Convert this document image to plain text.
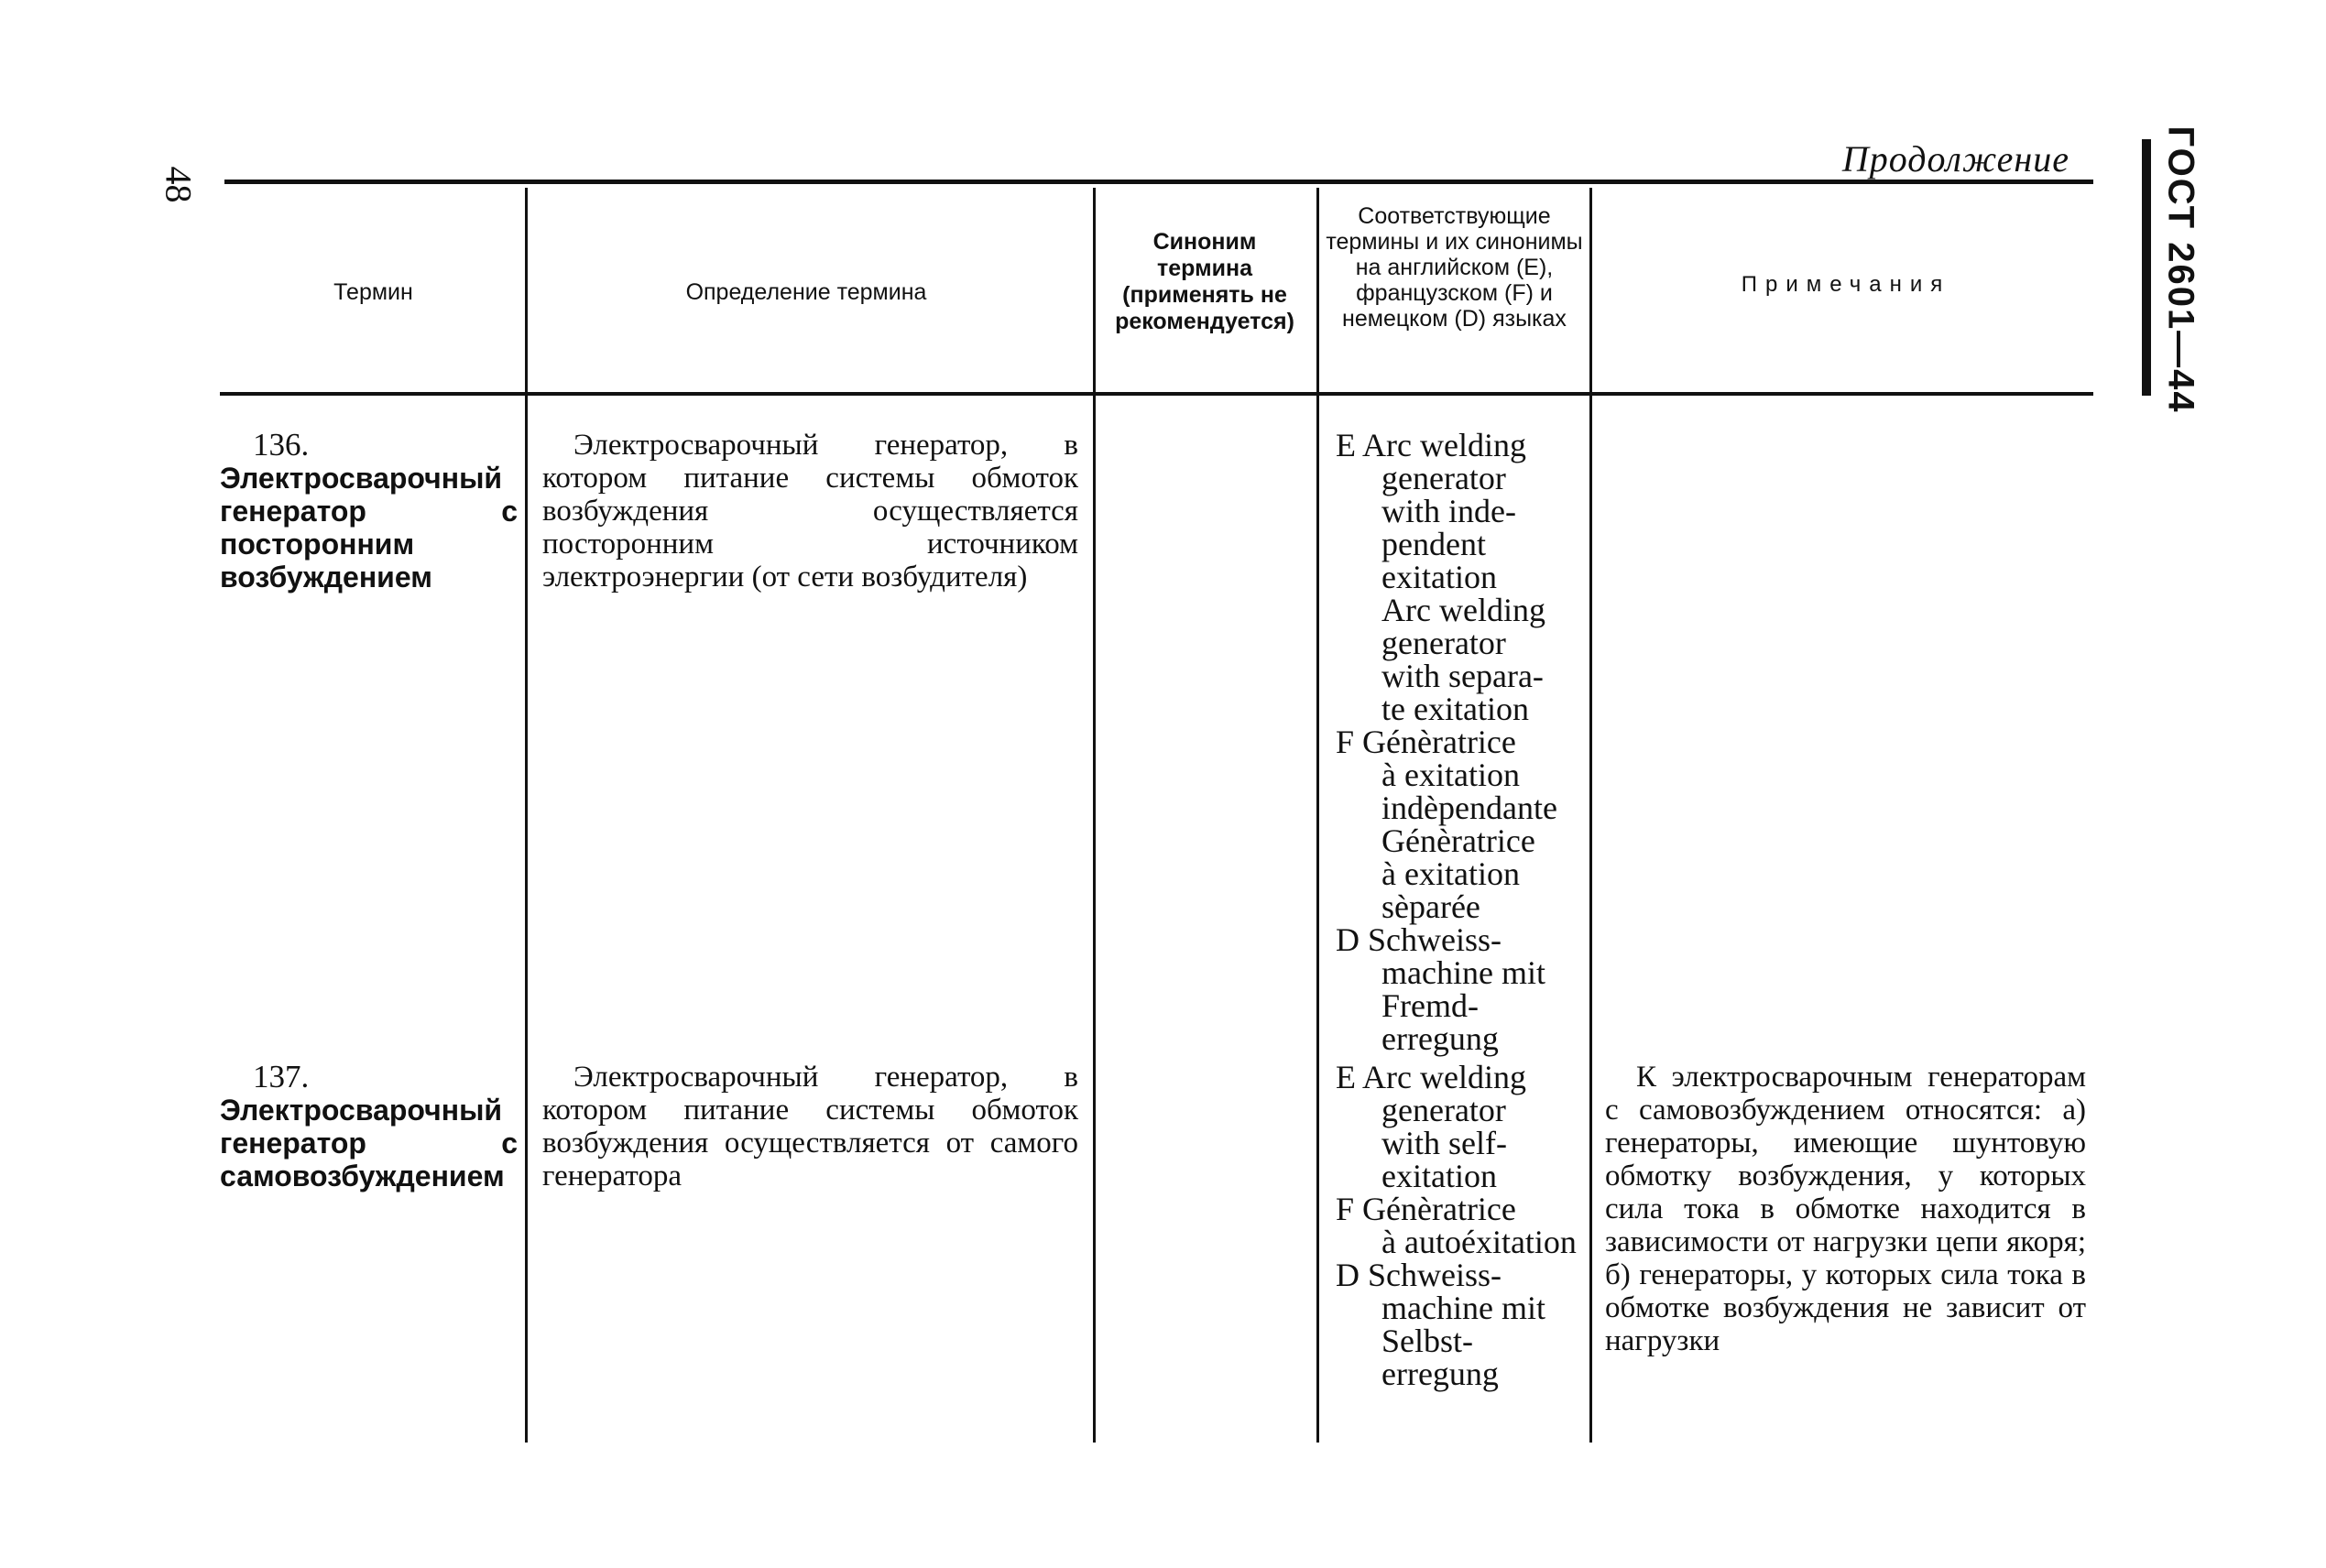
48
Продолжение ГОСТ 2601—44
Термин	Определение термина
Синоним термина (применять не рекомендуется)
Соответствующие термины и их синонимы на английском (Е), французском (F) и немецком (D) языках
Примечания
136. Электросварочный генератор с посторонним возбуждением
Электросварочный генератор, в котором питание системы обмоток возбуждения осуществляется посторонним источником электроэнергии (от сети возбудителя)
E Arc welding
generator
with inde-
pendent
exitation
Arc welding
generator
with separa-
te exitation
F Génèratrice
à exitation
indèpendante
Génèratrice
à exitation
sèparée
D Schweiss-
machine mit
Fremd-
erregung
137. Электросварочный генератор с самовозбуждением
Электросварочный генератор, в котором питание системы обмоток возбуждения осуществляется от самого генератора
E Arc welding
generator
with self-
exitation
F Génèratrice
à autoéxitation
D Schweiss-
machine mit
Selbst-
erregung
К электросварочным генераторам с самовозбуждением относятся: а) генераторы, имеющие шунтовую обмотку возбуждения, у которых сила тока в обмотке находится в зависимости от нагрузки цепи якоря; б) генераторы, у которых сила тока в обмотке возбуждения не зависит от нагрузки
